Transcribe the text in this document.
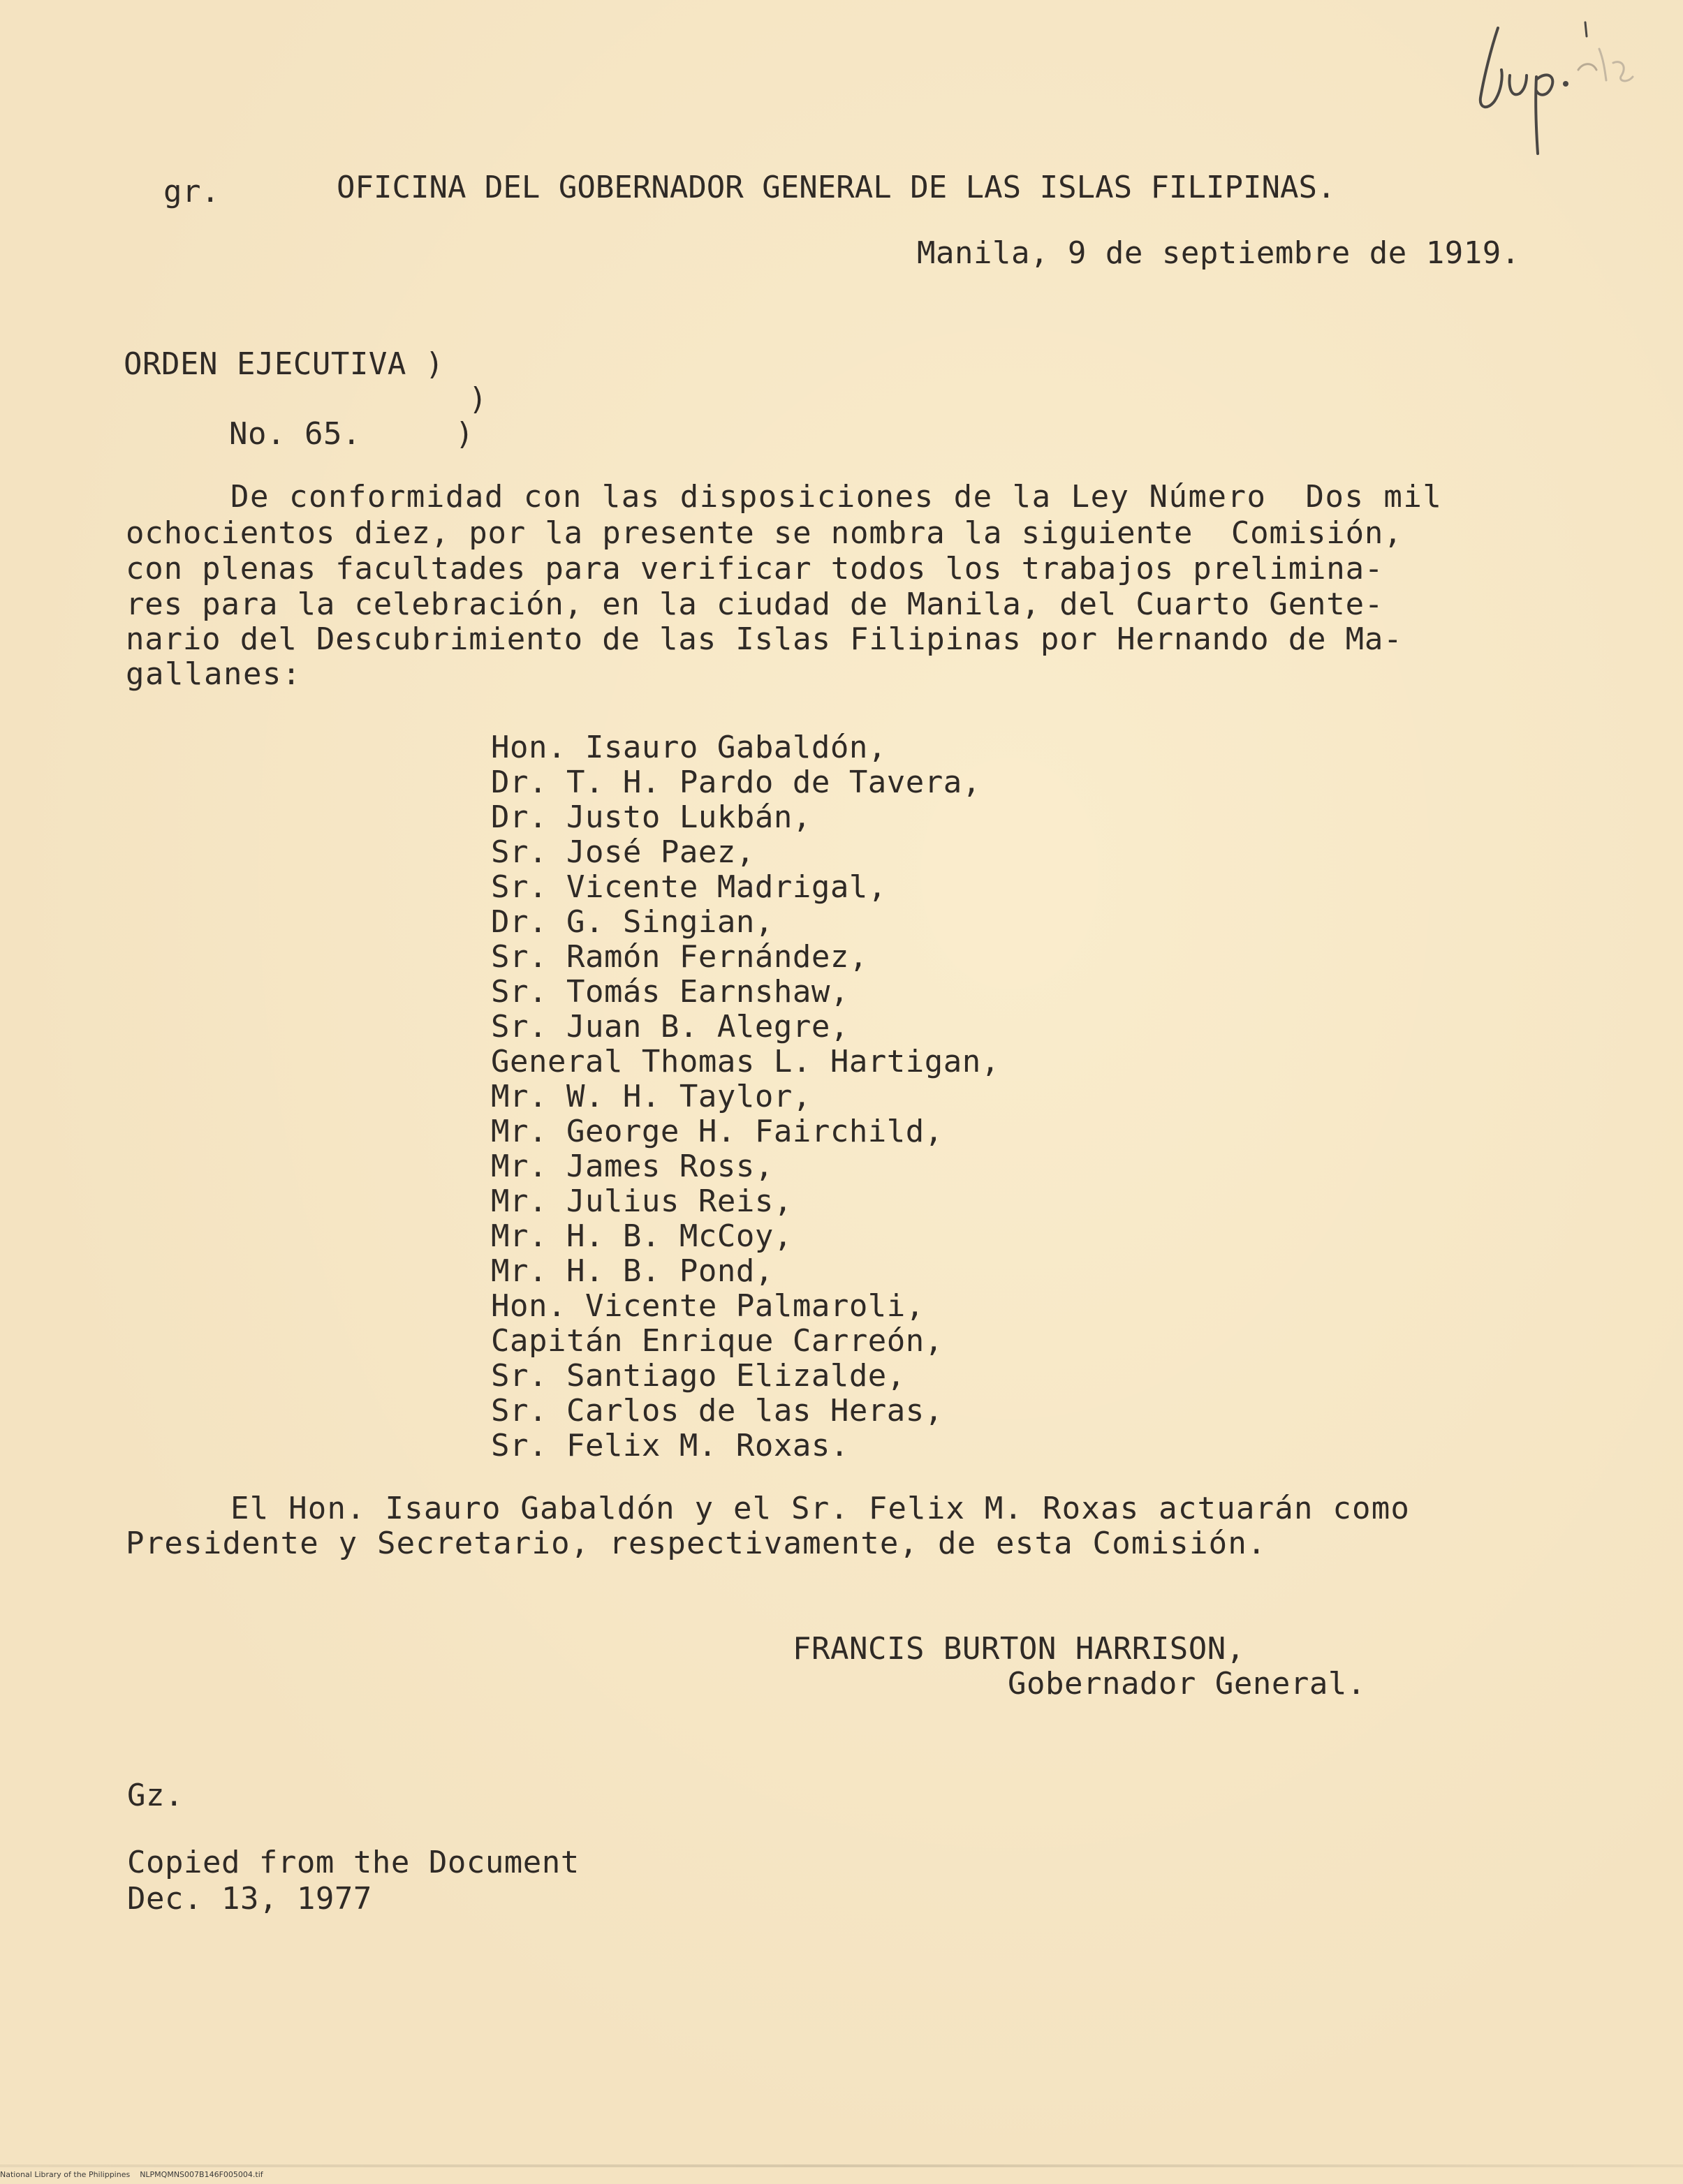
gr.	OFICINA DEL GOBERNADOR GENERAL DE LAS ISLAS FILIPINAS.
Manila, 9 de septiembre de 1919.
ORDEN EJECUTIVA )
)
No. 65.     )
De conformidad con las disposiciones de la Ley Número  Dos mil
ochocientos diez, por la presente se nombra la siguiente  Comisión,
con plenas facultades para verificar todos los trabajos prelimina-
res para la celebración, en la ciudad de Manila, del Cuarto Gente-
nario del Descubrimiento de las Islas Filipinas por Hernando de Ma-
gallanes:
Hon. Isauro Gabaldón,
Dr. T. H. Pardo de Tavera,
Dr. Justo Lukbán,
Sr. José Paez,
Sr. Vicente Madrigal,
Dr. G. Singian,
Sr. Ramón Fernández,
Sr. Tomás Earnshaw,
Sr. Juan B. Alegre,
General Thomas L. Hartigan,
Mr. W. H. Taylor,
Mr. George H. Fairchild,
Mr. James Ross,
Mr. Julius Reis,
Mr. H. B. McCoy,
Mr. H. B. Pond,
Hon. Vicente Palmaroli,
Capitán Enrique Carreón,
Sr. Santiago Elizalde,
Sr. Carlos de las Heras,
Sr. Felix M. Roxas.
El Hon. Isauro Gabaldón y el Sr. Felix M. Roxas actuarán como
Presidente y Secretario, respectivamente, de esta Comisión.
FRANCIS BURTON HARRISON,
Gobernador General.
Gz.
Copied from the Document
Dec. 13, 1977
National Library of the Philippines    NLPMQMNS007B146F005004.tif
